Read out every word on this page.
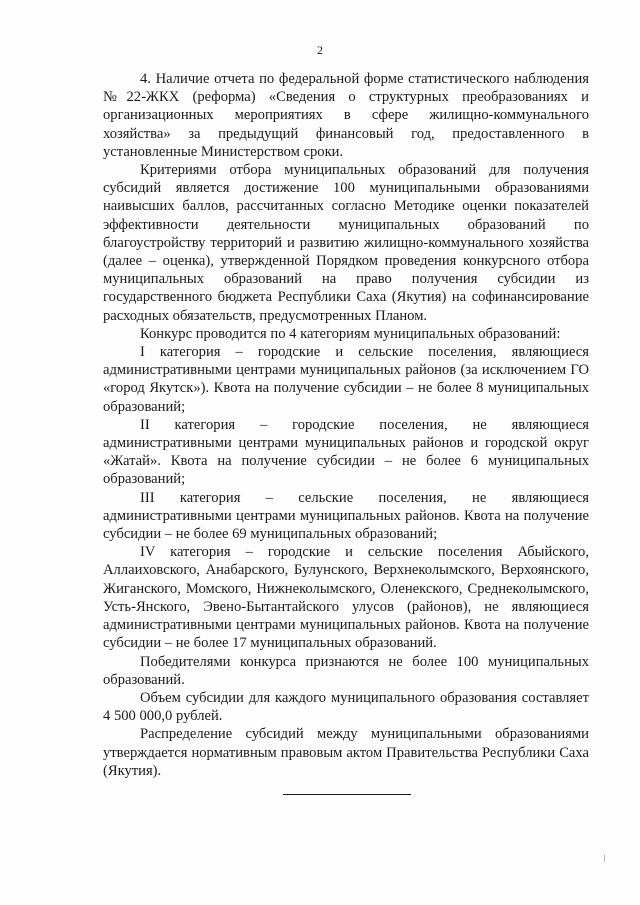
2

4. Наличие отчета по федеральной форме статистического наблюдения №22-ЖКХ (реформа) «Сведения о структурных преобразованиях и организационных мероприятиях в сфере жилищно-коммунального хозяйства» за предыдущий финансовый год, предоставленного в установленные Министерством сроки.

Критериями отбора муниципальных образований для получения субсидий является достижение 100 муниципальными образованиями наивысших баллов, рассчитанных согласно Методике оценки показателей эффективности деятельности муниципальных образований по благоустройству территорий и развитию жилищно-коммунального хозяйства (далее – оценка), утвержденной Порядком проведения конкурсного отбора муниципальных образований на право получения субсидии из государственного бюджета Республики Саха (Якутия) на софинансирование расходных обязательств, предусмотренных Планом.

Конкурс проводится по 4 категориям муниципальных образований:

I категория – городские и сельские поселения, являющиеся административными центрами муниципальных районов (за исключением ГО «город Якутск»). Квота на получение субсидии – не более 8 муниципальных образований;

II категория – городские поселения, не являющиеся административными центрами муниципальных районов и городской округ «Жатай». Квота на получение субсидии – не более 6 муниципальных образований;

III категория – сельские поселения, не являющиеся административными центрами муниципальных районов. Квота на получение субсидии – не более 69 муниципальных образований;

IV категория – городские и сельские поселения Абыйского, Аллаиховского, Анабарского, Булунского, Верхнеколымского, Верхоянского, Жиганского, Момского, Нижнеколымского, Оленекского, Среднеколымского, Усть-Янского, Эвено-Бытантайского улусов (районов), не являющиеся административными центрами муниципальных районов. Квота на получение субсидии – не более 17 муниципальных образований.

Победителями конкурса признаются не более 100 муниципальных образований.

Объем субсидии для каждого муниципального образования составляет 4 500 000,0 рублей.

Распределение субсидий между муниципальными образованиями утверждается нормативным правовым актом Правительства Республики Саха (Якутия).
